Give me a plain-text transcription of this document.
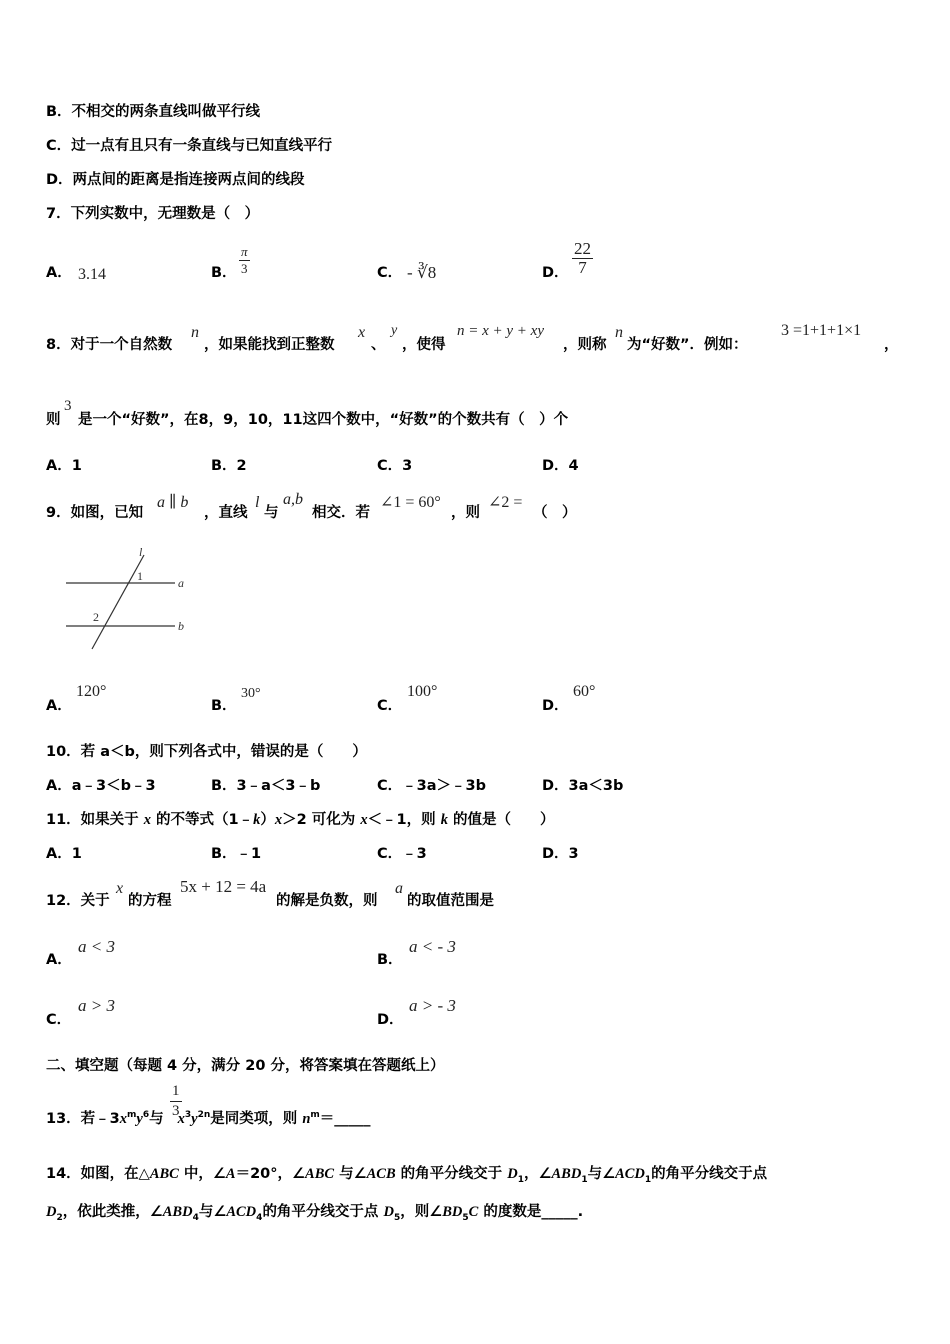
B．不相交的两条直线叫做平行线
C．过一点有且只有一条直线与已知直线平行
D．两点间的距离是指连接两点间的线段
7．下列实数中，无理数是（　）
A． 3.14	B． $\frac{\pi}{3}$	C． - ∛8	D． $\frac{22}{7}$
8．对于一个自然数
n
，如果能找到正整数
x
、
y
，使得
n = x + y + xy
，则称
n
为“好数”．例如：
3 =1+1+1×1
，
则
3
是一个“好数”，在8，9，10，11这四个数中，“好数”的个数共有（　）个
A．1	B．2	C．3	D．4
9．如图，已知
a ∥ b
，直线
l
与
a,b
相交．若
∠1 = 60°
，则
∠2 =
（　）
l
1	a
2
b
A．
120°
B．
30°
C．
100°
D．
60°
10．若 a＜b，则下列各式中，错误的是（　　）
A．a﹣3＜b﹣3	B．3﹣a＜3﹣b	C．﹣3a＞﹣3b	D．3a＜3b
11．如果关于 x 的不等式（1﹣k）x＞2 可化为 x＜﹣1，则 k 的值是（　　）
A．1	B．﹣1	C．﹣3	D．3
12．关于
x
的方程
5x + 12 = 4a
的解是负数，则
a
的取值范围是
A．
a < 3
B．
a < - 3
C．
a > 3
D．
a > - 3
二、填空题（每题 4 分，满分 20 分，将答案填在答题纸上）
13．若$﹣3x^my^6$与 $x^3y^{2n}$是同类项，则 $n^m=\_\_\_\_\_$
$\frac{1}{3}$
14．如图，在△ABC 中，∠A＝20°，∠ABC 与∠ACB 的角平分线交于 $D_1$，$\angle ABD_1$与$\angle ACD_1$的角平分线交于点
$D_2$，依此类推，$\angle ABD_4$与$\angle ACD_4$的角平分线交于点 $D_5$，则$\angle BD_5C$ 的度数是_____.
